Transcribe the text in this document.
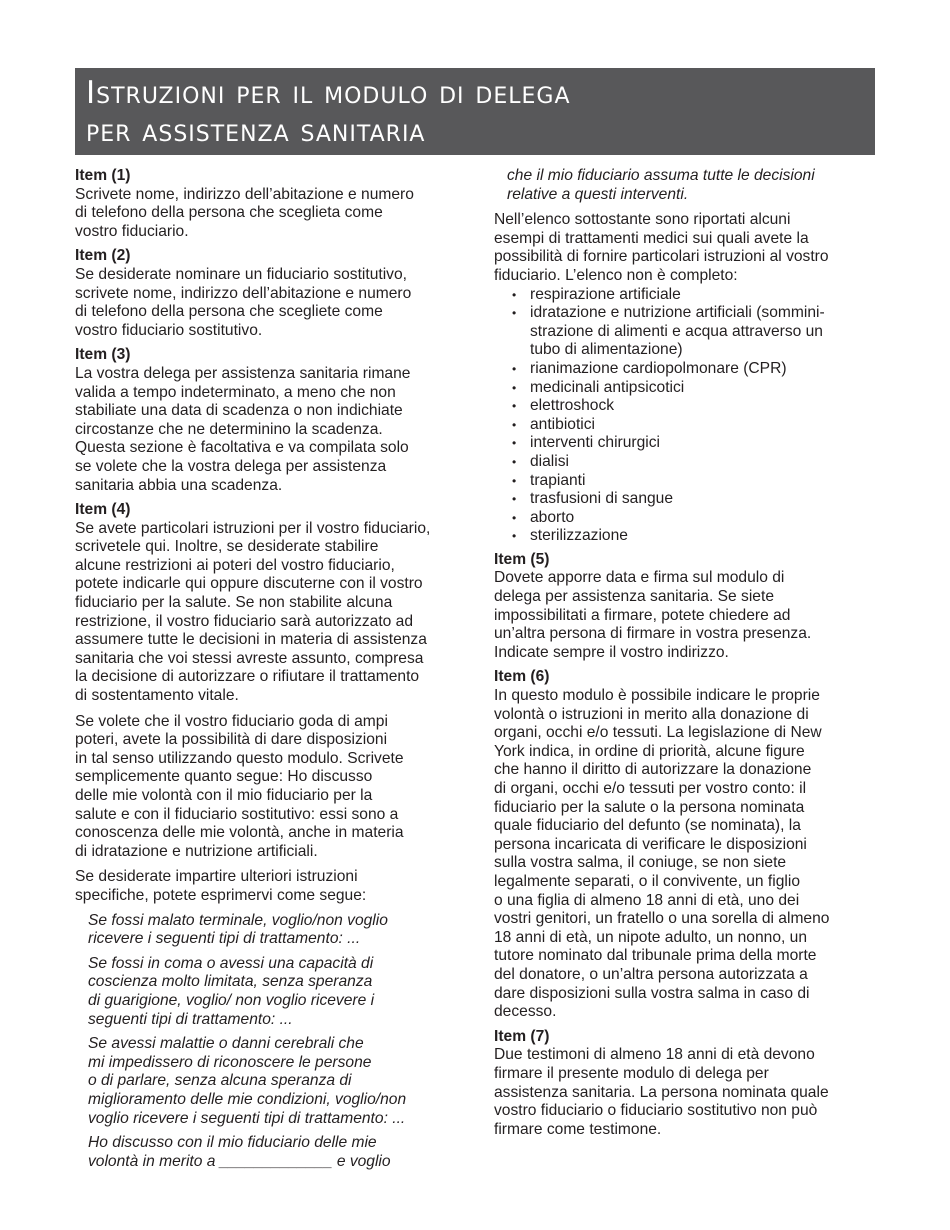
Istruzioni per il modulo di delega
per assistenza sanitaria
Item (1)

Scrivete nome, indirizzo dell’abitazione e numero
di telefono della persona che sceglieta come
vostro fiduciario.

Item (2)

Se desiderate nominare un fiduciario sostitutivo,
scrivete nome, indirizzo dell’abitazione e numero
di telefono della persona che scegliete come
vostro fiduciario sostitutivo.

Item (3)

La vostra delega per assistenza sanitaria rimane
valida a tempo indeterminato, a meno che non
stabiliate una data di scadenza o non indichiate
circostanze che ne determinino la scadenza.
Questa sezione è facoltativa e va compilata solo
se volete che la vostra delega per assistenza
sanitaria abbia una scadenza.

Item (4)

Se avete particolari istruzioni per il vostro fiduciario,
scrivetele qui. Inoltre, se desiderate stabilire
alcune restrizioni ai poteri del vostro fiduciario,
potete indicarle qui oppure discuterne con il vostro
fiduciario per la salute. Se non stabilite alcuna
restrizione, il vostro fiduciario sarà autorizzato ad
assumere tutte le decisioni in materia di assistenza
sanitaria che voi stessi avreste assunto, compresa
la decisione di autorizzare o rifiutare il trattamento
di sostentamento vitale.

Se volete che il vostro fiduciario goda di ampi
poteri, avete la possibilità di dare disposizioni
in tal senso utilizzando questo modulo. Scrivete
semplicemente quanto segue: Ho discusso
delle mie volontà con il mio fiduciario per la
salute e con il fiduciario sostitutivo: essi sono a
conoscenza delle mie volontà, anche in materia
di idratazione e nutrizione artificiali.

Se desiderate impartire ulteriori istruzioni
specifiche, potete esprimervi come segue:

Se fossi malato terminale, voglio/non voglio
ricevere i seguenti tipi di trattamento: ...
Se fossi in coma o avessi una capacità di
coscienza molto limitata, senza speranza
di guarigione, voglio/ non voglio ricevere i
seguenti tipi di trattamento: ...
Se avessi malattie o danni cerebrali che
mi impedissero di riconoscere le persone
o di parlare, senza alcuna speranza di
miglioramento delle mie condizioni, voglio/non
voglio ricevere i seguenti tipi di trattamento: ...
Ho discusso con il mio fiduciario delle mie
volontà in merito a _____________ e voglio
che il mio fiduciario assuma tutte le decisioni
relative a questi interventi.

Nell’elenco sottostante sono riportati alcuni
esempi di trattamenti medici sui quali avete la
possibilità di fornire particolari istruzioni al vostro
fiduciario. L’elenco non è completo:

• respirazione artificiale
• idratazione e nutrizione artificiali (sommini-
strazione di alimenti e acqua attraverso un
tubo di alimentazione)
• rianimazione cardiopolmonare (CPR)
• medicinali antipsicotici
• elettroshock
• antibiotici
• interventi chirurgici
• dialisi
• trapianti
• trasfusioni di sangue
• aborto
• sterilizzazione
Item (5)

Dovete apporre data e firma sul modulo di
delega per assistenza sanitaria. Se siete
impossibilitati a firmare, potete chiedere ad
un’altra persona di firmare in vostra presenza.
Indicate sempre il vostro indirizzo.

Item (6)

In questo modulo è possibile indicare le proprie
volontà o istruzioni in merito alla donazione di
organi, occhi e/o tessuti. La legislazione di New
York indica, in ordine di priorità, alcune figure
che hanno il diritto di autorizzare la donazione
di organi, occhi e/o tessuti per vostro conto: il
fiduciario per la salute o la persona nominata
quale fiduciario del defunto (se nominata), la
persona incaricata di verificare le disposizioni
sulla vostra salma, il coniuge, se non siete
legalmente separati, o il convivente, un figlio
o una figlia di almeno 18 anni di età, uno dei
vostri genitori, un fratello o una sorella di almeno
18 anni di età, un nipote adulto, un nonno, un
tutore nominato dal tribunale prima della morte
del donatore, o un’altra persona autorizzata a
dare disposizioni sulla vostra salma in caso di
decesso.

Item (7)

Due testimoni di almeno 18 anni di età devono
firmare il presente modulo di delega per
assistenza sanitaria. La persona nominata quale
vostro fiduciario o fiduciario sostitutivo non può
firmare come testimone.
